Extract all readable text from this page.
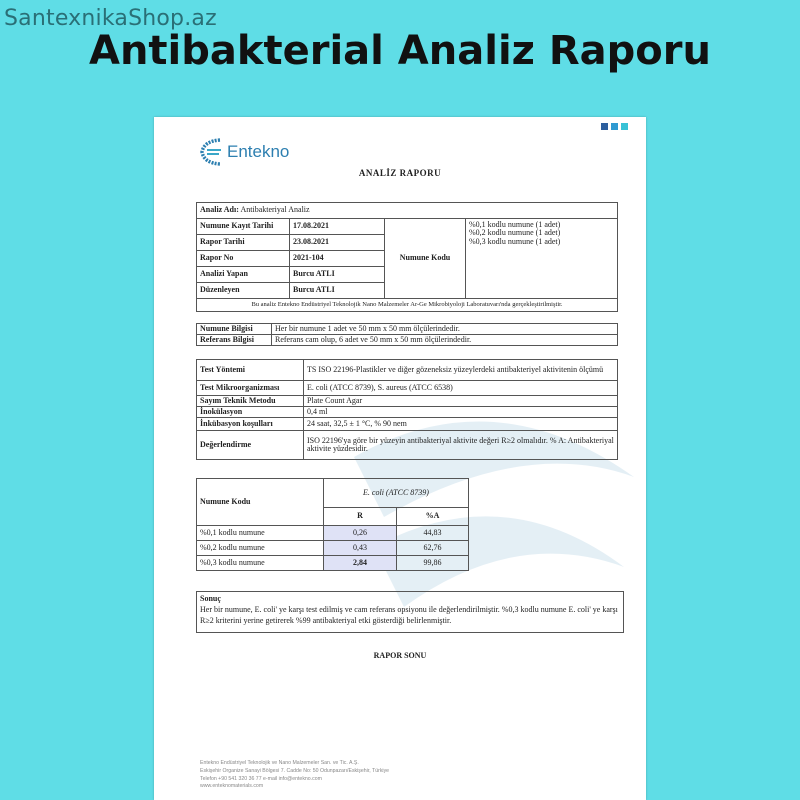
SantexnikaShop.az
Antibakterial Analiz Raporu
Entekno
ANALİZ RAPORU
Analiz Adı: Antibakteriyal Analiz			
Numune Kayıt Tarihi	17.08.2021	Numune Kodu	%0,1 kodlu numune (1 adet)
%0,2 kodlu numune (1 adet)
%0,3 kodlu numune (1 adet)

Rapor Tarihi	23.08.2021		
Rapor No	2021-104		
Analizi Yapan	Burcu ATLI		
Düzenleyen	Burcu ATLI		
Bu analiz Entekno Endüstriyel Teknolojik Nano Malzemeler Ar-Ge Mikrobiyoloji Laboratuvarı'nda gerçekleştirilmiştir.			
Numune Bilgisi	Her bir numune 1 adet ve 50 mm x 50 mm ölçülerindedir.
Referans Bilgisi	Referans cam olup, 6 adet ve 50 mm x 50 mm ölçülerindedir.
Test Yöntemi	TS ISO 22196-Plastikler ve diğer gözeneksiz yüzeylerdeki antibakteriyel aktivitenin ölçümü
Test Mikroorganizması	E. coli (ATCC 8739), S. aureus (ATCC 6538)
Sayım Teknik Metodu	Plate Count Agar
İnokülasyon	0,4 ml
İnkübasyon koşulları	24 saat, 32,5 ± 1 °C, % 90 nem
Değerlendirme	ISO 22196'ya göre bir yüzeyin antibakteriyal aktivite değeri R≥2 olmalıdır. % A: Antibakteriyal aktivite yüzdesidir.
Numune Kodu	E. coli (ATCC 8739)	
	R	%A
%0,1 kodlu numune	0,26	44,83
%0,2 kodlu numune	0,43	62,76
%0,3 kodlu numune	2,84	99,86
Sonuç
Her bir numune, E. coli' ye karşı test edilmiş ve cam referans opsiyonu ile değerlendirilmiştir. %0,3 kodlu numune E. coli' ye karşı R≥2 kriterini yerine getirerek %99 antibakteriyal etki gösterdiği belirlenmiştir.
RAPOR SONU
Entekno Endüstriyel Teknolojik ve Nano Malzemeler San. ve Tic. A.Ş.
Eskişehir Organize Sanayi Bölgesi 7. Cadde No: 50 Odunpazarı/Eskişehir, Türkiye
Telefon +90 541 320 36 77 e-mail info@entekno.com
www.enteknomaterials.com
